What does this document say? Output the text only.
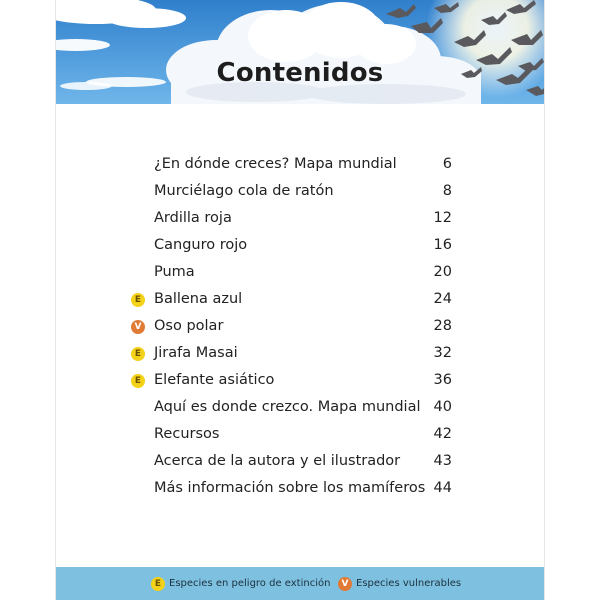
Contenidos
¿En dónde creces? Mapa mundial	6
Murciélago cola de ratón	8
Ardilla roja	12
Canguro rojo	16
Puma	20
E Ballena azul	24
V Oso polar	28
E Jirafa Masai	32
E Elefante asiático	36
Aquí es donde crezco. Mapa mundial 40
Recursos	42
Acerca de la autora y el ilustrador 43
Más información sobre los mamíferos 44
E Especies en peligro de extinción	V Especies vulnerables
